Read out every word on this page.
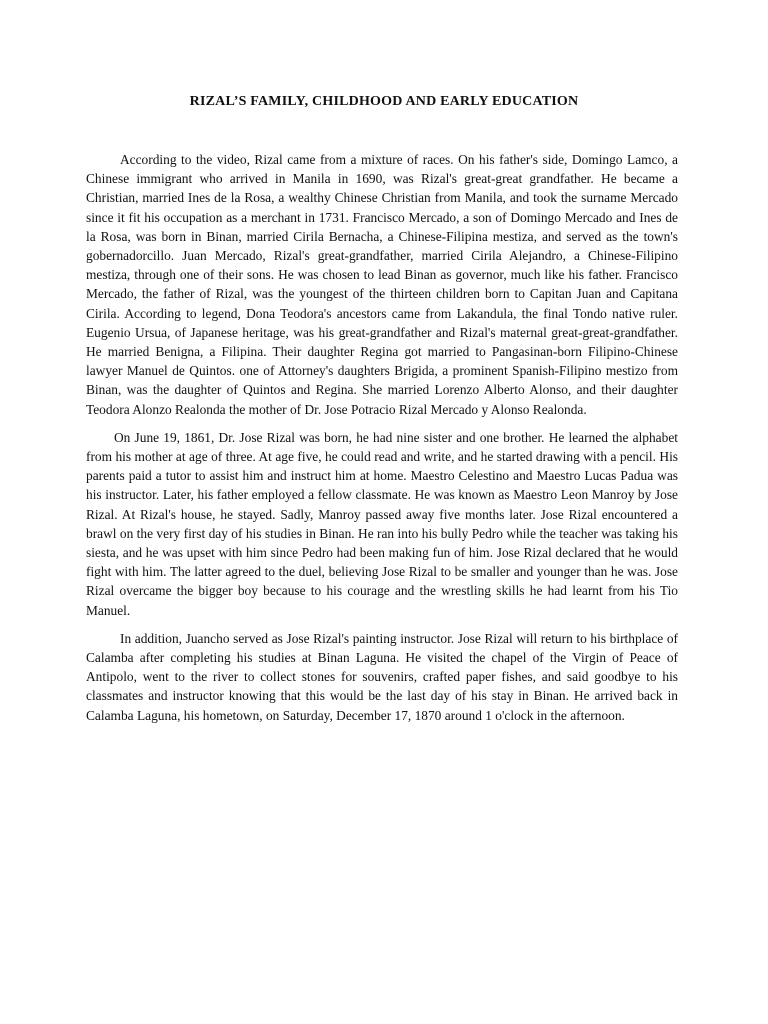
RIZAL’S FAMILY, CHILDHOOD AND EARLY EDUCATION

According to the video, Rizal came from a mixture of races. On his father's side, Domingo Lamco, a Chinese immigrant who arrived in Manila in 1690, was Rizal's great-great grandfather. He became a Christian, married Ines de la Rosa, a wealthy Chinese Christian from Manila, and took the surname Mercado since it fit his occupation as a merchant in 1731. Francisco Mercado, a son of Domingo Mercado and Ines de la Rosa, was born in Binan, married Cirila Bernacha, a Chinese-Filipina mestiza, and served as the town's gobernadorcillo. Juan Mercado, Rizal's great-grandfather, married Cirila Alejandro, a Chinese-Filipino mestiza, through one of their sons. He was chosen to lead Binan as governor, much like his father. Francisco Mercado, the father of Rizal, was the youngest of the thirteen children born to Capitan Juan and Capitana Cirila. According to legend, Dona Teodora's ancestors came from Lakandula, the final Tondo native ruler. Eugenio Ursua, of Japanese heritage, was his great-grandfather and Rizal's maternal great-great-grandfather. He married Benigna, a Filipina. Their daughter Regina got married to Pangasinan-born Filipino-Chinese lawyer Manuel de Quintos. one of Attorney's daughters Brigida, a prominent Spanish-Filipino mestizo from Binan, was the daughter of Quintos and Regina. She married Lorenzo Alberto Alonso, and their daughter Teodora Alonzo Realonda the mother of Dr. Jose Potracio Rizal Mercado y Alonso Realonda.

On June 19, 1861, Dr. Jose Rizal was born, he had nine sister and one brother. He learned the alphabet from his mother at age of three. At age five, he could read and write, and he started drawing with a pencil. His parents paid a tutor to assist him and instruct him at home. Maestro Celestino and Maestro Lucas Padua was his instructor. Later, his father employed a fellow classmate. He was known as Maestro Leon Manroy by Jose Rizal. At Rizal's house, he stayed. Sadly, Manroy passed away five months later. Jose Rizal encountered a brawl on the very first day of his studies in Binan. He ran into his bully Pedro while the teacher was taking his siesta, and he was upset with him since Pedro had been making fun of him. Jose Rizal declared that he would fight with him. The latter agreed to the duel, believing Jose Rizal to be smaller and younger than he was. Jose Rizal overcame the bigger boy because to his courage and the wrestling skills he had learnt from his Tio Manuel.

In addition, Juancho served as Jose Rizal's painting instructor. Jose Rizal will return to his birthplace of Calamba after completing his studies at Binan Laguna. He visited the chapel of the Virgin of Peace of Antipolo, went to the river to collect stones for souvenirs, crafted paper fishes, and said goodbye to his classmates and instructor knowing that this would be the last day of his stay in Binan. He arrived back in Calamba Laguna, his hometown, on Saturday, December 17, 1870 around 1 o'clock in the afternoon.
